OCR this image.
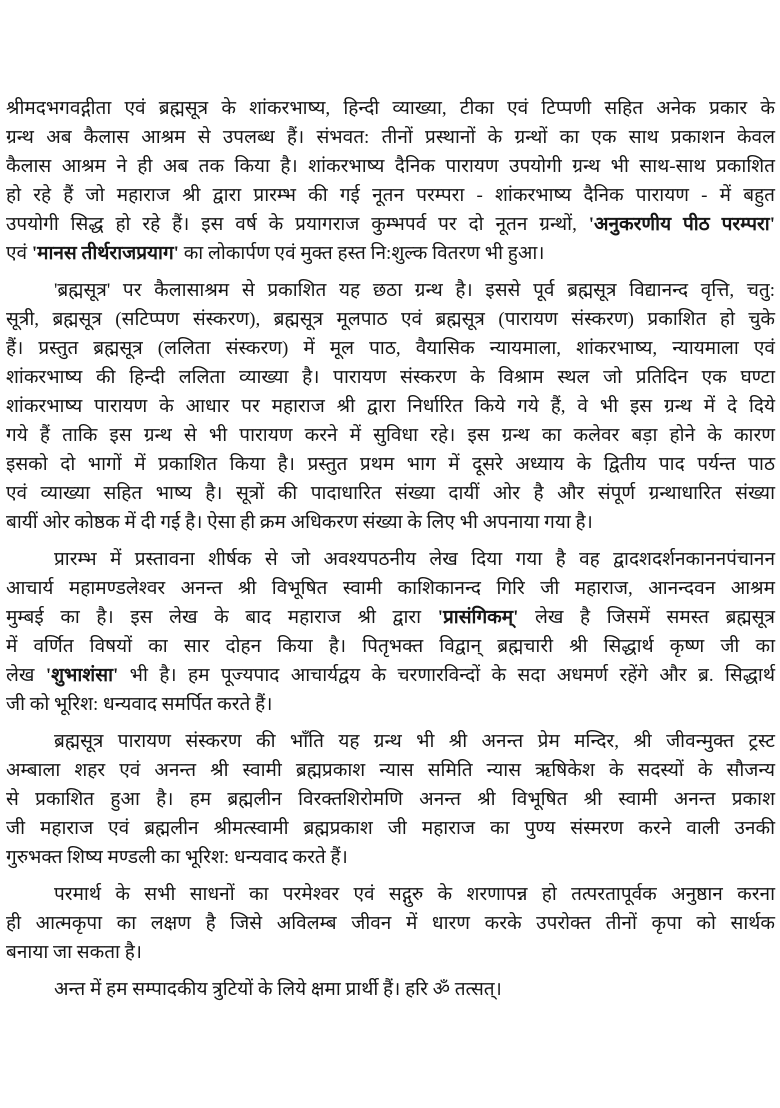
श्रीमदभगवद्गीता एवं ब्रह्मसूत्र के शांकरभाष्य, हिन्दी व्याख्या, टीका एवं टिप्पणी सहित अनेक प्रकार के
ग्रन्थ अब कैलास आश्रम से उपलब्ध हैं। संभवत: तीनों प्रस्थानों के ग्रन्थों का एक साथ प्रकाशन केवल
कैलास आश्रम ने ही अब तक किया है। शांकरभाष्य दैनिक पारायण उपयोगी ग्रन्थ भी साथ-साथ प्रकाशित
हो रहे हैं जो महाराज श्री द्वारा प्रारम्भ की गई नूतन परम्परा - शांकरभाष्य दैनिक पारायण - में बहुत
उपयोगी सिद्ध हो रहे हैं। इस वर्ष के प्रयागराज कुम्भपर्व पर दो नूतन ग्रन्थों, 'अनुकरणीय पीठ परम्परा'
एवं 'मानस तीर्थराजप्रयाग' का लोकार्पण एवं मुक्त हस्त नि:शुल्क वितरण भी हुआ।
'ब्रह्मसूत्र' पर कैलासाश्रम से प्रकाशित यह छठा ग्रन्थ है। इससे पूर्व ब्रह्मसूत्र विद्यानन्द वृत्ति, चतु:
सूत्री, ब्रह्मसूत्र (सटिप्पण संस्करण), ब्रह्मसूत्र मूलपाठ एवं ब्रह्मसूत्र (पारायण संस्करण) प्रकाशित हो चुके
हैं। प्रस्तुत ब्रह्मसूत्र (ललिता संस्करण) में मूल पाठ, वैयासिक न्यायमाला, शांकरभाष्य, न्यायमाला एवं
शांकरभाष्य की हिन्दी ललिता व्याख्या है। पारायण संस्करण के विश्राम स्थल जो प्रतिदिन एक घण्टा
शांकरभाष्य पारायण के आधार पर महाराज श्री द्वारा निर्धारित किये गये हैं, वे भी इस ग्रन्थ में दे दिये
गये हैं ताकि इस ग्रन्थ से भी पारायण करने में सुविधा रहे। इस ग्रन्थ का कलेवर बड़ा होने के कारण
इसको दो भागों में प्रकाशित किया है। प्रस्तुत प्रथम भाग में दूसरे अध्याय के द्वितीय पाद पर्यन्त पाठ
एवं व्याख्या सहित भाष्य है। सूत्रों की पादाधारित संख्या दायीं ओर है और संपूर्ण ग्रन्थाधारित संख्या
बायीं ओर कोष्ठक में दी गई है। ऐसा ही क्रम अधिकरण संख्या के लिए भी अपनाया गया है।
प्रारम्भ में प्रस्तावना शीर्षक से जो अवश्यपठनीय लेख दिया गया है वह द्वादशदर्शनकाननपंचानन
आचार्य महामण्डलेश्वर अनन्त श्री विभूषित स्वामी काशिकानन्द गिरि जी महाराज, आनन्दवन आश्रम
मुम्बई का है। इस लेख के बाद महाराज श्री द्वारा 'प्रासंगिकम्' लेख है जिसमें समस्त ब्रह्मसूत्र
में वर्णित विषयों का सार दोहन किया है। पितृभक्त विद्वान् ब्रह्मचारी श्री सिद्धार्थ कृष्ण जी का
लेख 'शुभाशंसा' भी है। हम पूज्यपाद आचार्यद्वय के चरणारविन्दों के सदा अधमर्ण रहेंगे और ब्र. सिद्धार्थ
जी को भूरिश: धन्यवाद समर्पित करते हैं।
ब्रह्मसूत्र पारायण संस्करण की भाँति यह ग्रन्थ भी श्री अनन्त प्रेम मन्दिर, श्री जीवन्मुक्त ट्रस्ट
अम्बाला शहर एवं अनन्त श्री स्वामी ब्रह्मप्रकाश न्यास समिति न्यास ऋषिकेश के सदस्यों के सौजन्य
से प्रकाशित हुआ है। हम ब्रह्मलीन विरक्तशिरोमणि अनन्त श्री विभूषित श्री स्वामी अनन्त प्रकाश
जी महाराज एवं ब्रह्मलीन श्रीमत्स्वामी ब्रह्मप्रकाश जी महाराज का पुण्य संस्मरण करने वाली उनकी
गुरुभक्त शिष्य मण्डली का भूरिश: धन्यवाद करते हैं।
परमार्थ के सभी साधनों का परमेश्वर एवं सद्गुरु के शरणापन्न हो तत्परतापूर्वक अनुष्ठान करना
ही आत्मकृपा का लक्षण है जिसे अविलम्ब जीवन में धारण करके उपरोक्त तीनों कृपा को सार्थक
बनाया जा सकता है।
अन्त में हम सम्पादकीय त्रुटियों के लिये क्षमा प्रार्थी हैं। हरि ॐ तत्सत्।
